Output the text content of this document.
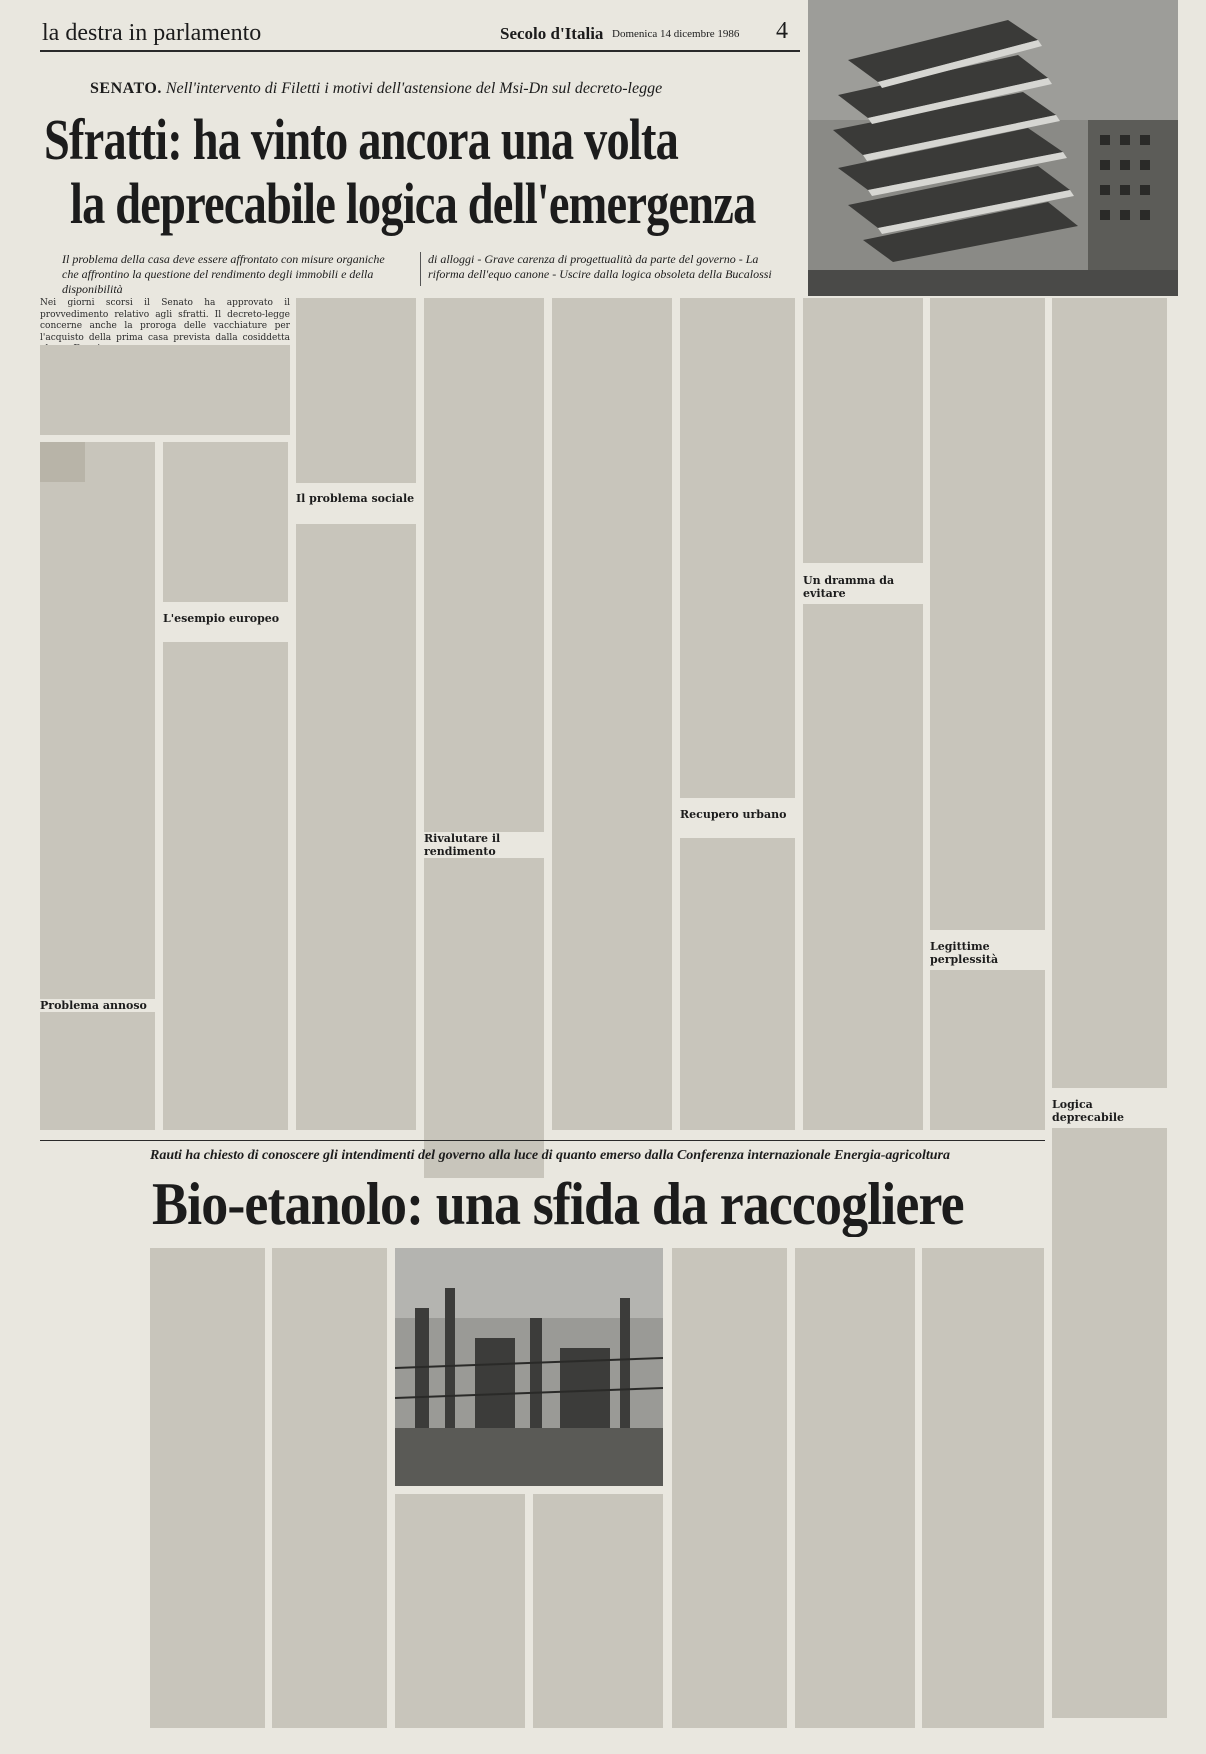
la destra in parlamento	Secolo d'Italia Domenica 14 dicembre 1986 4
SENATO. Nell'intervento di Filetti i motivi dell'astensione del Msi-Dn sul decreto-legge
Sfratti: ha vinto ancora una volta
la deprecabile logica dell'emergenza
Il problema della casa deve essere affrontato con misure organiche che affrontino la questione del rendimento degli immobili e della disponibilità
di alloggi - Grave carenza di progettualità da parte del governo - La riforma dell'equo canone - Uscire dalla logica obsoleta della Bucalossi
Nei giorni scorsi il Senato ha approvato il provvedimento relativo agli sfratti. Il decreto-legge concerne anche la proroga delle vacchiature per l'acquisto della prima casa prevista dalla cosiddetta
Problema annoso
L'esempio europeo
Il problema sociale
Rivalutare il rendimento
Recupero urbano
Un dramma da evitare
Legittime perplessità
Logica deprecabile
Rauti ha chiesto di conoscere gli intendimenti del governo alla luce di quanto emerso dalla Conferenza internazionale Energia-agricoltura
Bio-etanolo: una sfida da raccogliere
